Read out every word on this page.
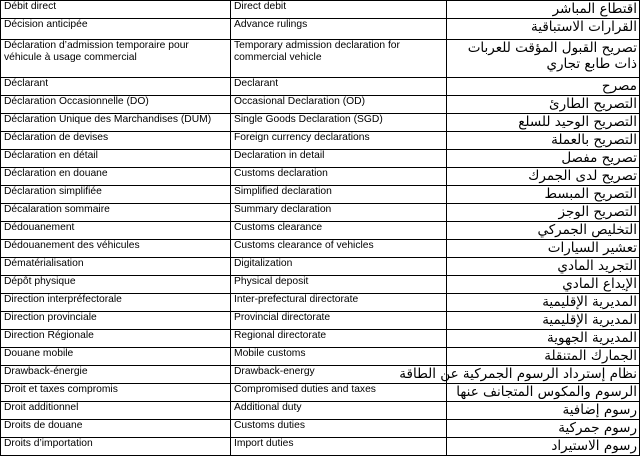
Débit direct	Direct debit	اقتطاع المباشر
Décision anticipée	Advance rulings	القرارات الاستباقية
Déclaration d’admission temporaire pour véhicule à usage commercial	Temporary admission declaration for commercial vehicle	تصريح القبول المؤقت للعربات ذات طابع تجاري
Déclarant	Declarant	مصرح
Déclaration Occasionnelle (DO)	Occasional Declaration (OD)	التصريح الطارئ
Déclaration Unique des Marchandises (DUM)	Single Goods Declaration (SGD)	التصريح الوحيد للسلع
Déclaration de devises	Foreign currency declarations	التصريح بالعملة
Déclaration en détail	Declaration in detail	تصريح مفصل
Déclaration en douane	Customs declaration	تصريح لدى الجمرك
Déclaration simplifiée	Simplified declaration	التصريح المبسط
Décalaration sommaire	Summary declaration	التصريح الوجز
Dédouanement	Customs clearance	التخليص الجمركي
Dédouanement des véhicules	Customs clearance of vehicles	تعشير السيارات
Dématérialisation	Digitalization	التجريد المادي
Dépôt physique	Physical deposit	الإيداع المادي
Direction interpréfectorale	Inter-prefectural directorate	المديرية الإقليمية
Direction provinciale	Provincial directorate	المديرية الإقليمية
Direction Régionale	Regional directorate	المديرية الجهوية
Douane mobile	Mobile customs	الجمارك المتنقلة
Drawback-énergie	Drawback-energy	نظام إسترداد الرسوم الجمركية عن الطاقة
Droit et taxes compromis	Compromised duties and taxes	الرسوم والمكوس المتجانف عنها
Droit additionnel	Additional duty	رسوم إضافية
Droits de douane	Customs duties	رسوم جمركية
Droits d’importation	Import duties	رسوم الاستيراد
